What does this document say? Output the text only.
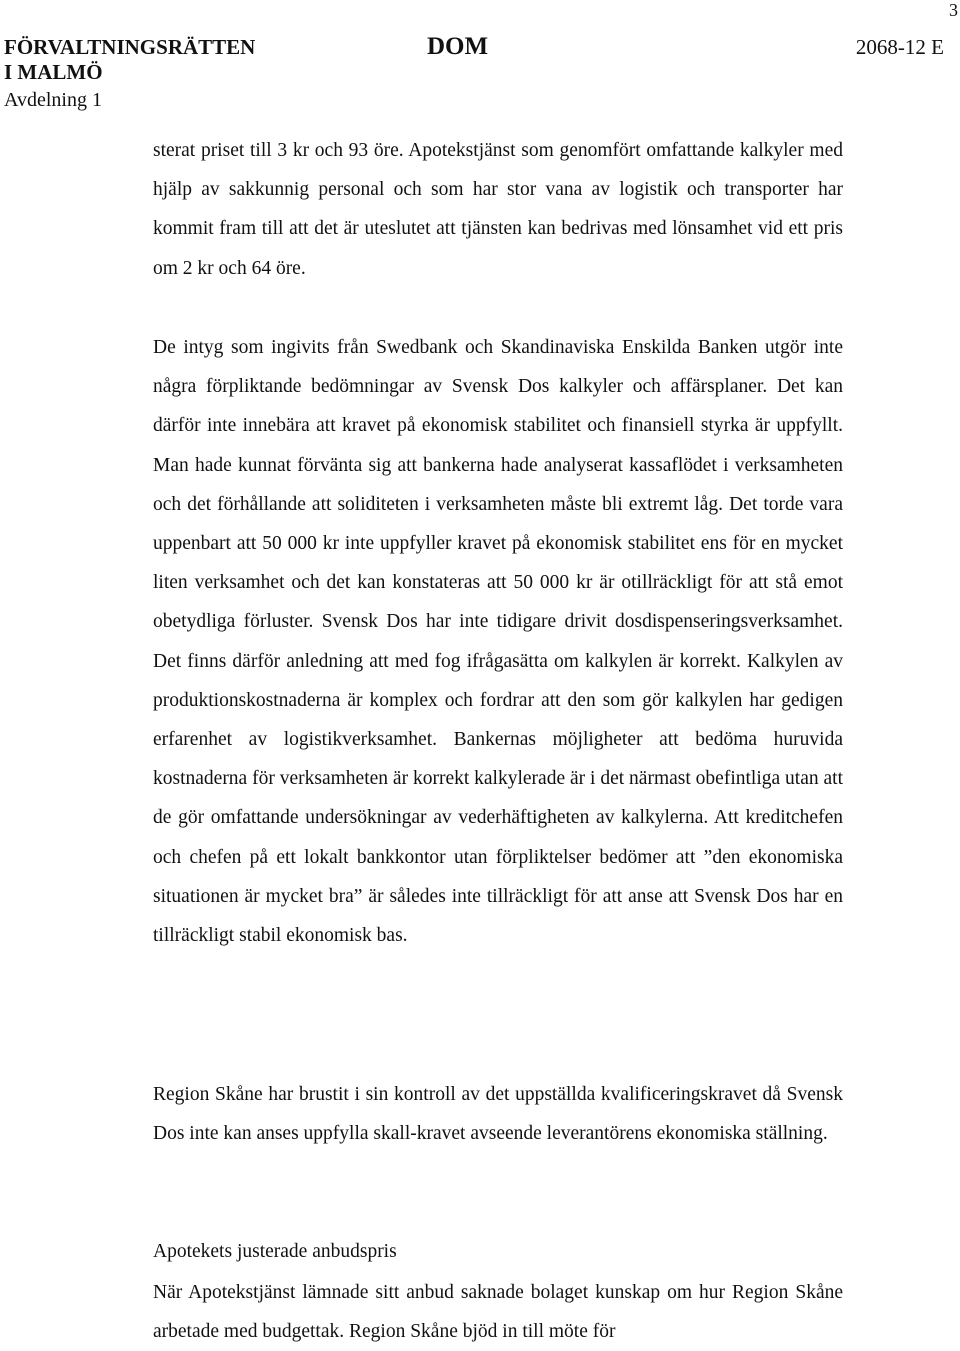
3
FÖRVALTNINGSRÄTTEN
I MALMÖ
Avdelning 1
DOM	2068-12 E

sterat priset till 3 kr och 93 öre. Apotekstjänst som genomfört omfattande kalkyler med hjälp av sakkunnig personal och som har stor vana av logistik och transporter har kommit fram till att det är uteslutet att tjänsten kan bedrivas med lönsamhet vid ett pris om 2 kr och 64 öre.

De intyg som ingivits från Swedbank och Skandinaviska Enskilda Banken utgör inte några förpliktande bedömningar av Svensk Dos kalkyler och affärsplaner. Det kan därför inte innebära att kravet på ekonomisk stabilitet och finansiell styrka är uppfyllt. Man hade kunnat förvänta sig att bankerna hade analyserat kassaflödet i verksamheten och det förhållande att soliditeten i verksamheten måste bli extremt låg. Det torde vara uppenbart att 50 000 kr inte uppfyller kravet på ekonomisk stabilitet ens för en mycket liten verksamhet och det kan konstateras att 50 000 kr är otillräckligt för att stå emot obetydliga förluster. Svensk Dos har inte tidigare drivit dosdispenseringsverksamhet. Det finns därför anledning att med fog ifrågasätta om kalkylen är korrekt. Kalkylen av produktionskostnaderna är komplex och fordrar att den som gör kalkylen har gedigen erfarenhet av logistikverksamhet. Bankernas möjligheter att bedöma huruvida kostnaderna för verksamheten är korrekt kalkylerade är i det närmast obefintliga utan att de gör omfattande undersökningar av vederhäftigheten av kalkylerna. Att kreditchefen och chefen på ett lokalt bankkontor utan förpliktelser bedömer att ”den ekonomiska situationen är mycket bra” är således inte tillräckligt för att anse att Svensk Dos har en tillräckligt stabil ekonomisk bas.

Region Skåne har brustit i sin kontroll av det uppställda kvalificeringskravet då Svensk Dos inte kan anses uppfylla skall-kravet avseende leverantörens ekonomiska ställning.

Apotekets justerade anbudspris

När Apotekstjänst lämnade sitt anbud saknade bolaget kunskap om hur Region Skåne arbetade med budgettak. Region Skåne bjöd in till möte för
